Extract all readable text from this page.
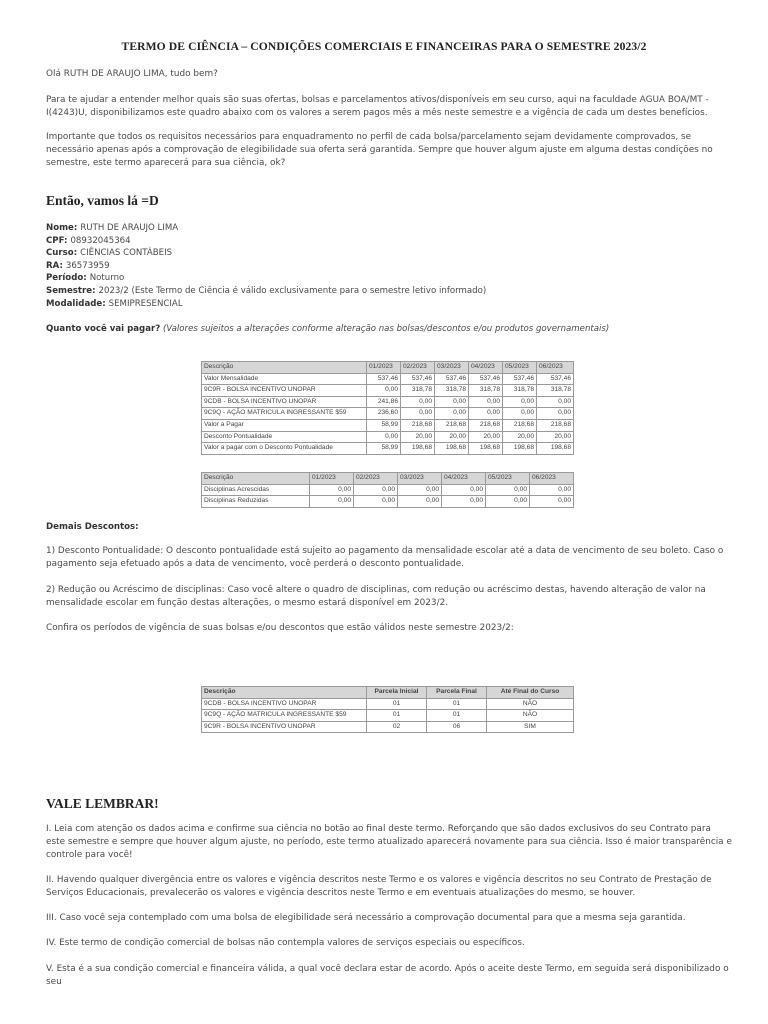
TERMO DE CIÊNCIA – CONDIÇÕES COMERCIAIS E FINANCEIRAS PARA O SEMESTRE 2023/2
Olá RUTH DE ARAUJO LIMA, tudo bem?
Para te ajudar a entender melhor quais são suas ofertas, bolsas e parcelamentos ativos/disponíveis em seu curso, aqui na faculdade AGUA BOA/MT - I(4243)U, disponibilizamos este quadro abaixo com os valores a serem pagos mês a mês neste semestre e a vigência de cada um destes benefícios.
Importante que todos os requisitos necessários para enquadramento no perfil de cada bolsa/parcelamento sejam devidamente comprovados, se necessário apenas após a comprovação de elegibilidade sua oferta será garantida. Sempre que houver algum ajuste em alguma destas condições no semestre, este termo aparecerá para sua ciência, ok?
Então, vamos lá =D
Nome: RUTH DE ARAUJO LIMA
CPF: 08932045364
Curso: CIÊNCIAS CONTÁBEIS
RA: 36573959
Período: Noturno
Semestre: 2023/2 (Este Termo de Ciência é válido exclusivamente para o semestre letivo informado)
Modalidade: SEMIPRESENCIAL
Quanto você vai pagar? (Valores sujeitos a alterações conforme alteração nas bolsas/descontos e/ou produtos governamentais)
Descrição	01/2023	02/2023	03/2023	04/2023	05/2023	06/2023
Valor Mensalidade	537,46	537,46	537,46	537,46	537,46	537,46
9C9R - BOLSA INCENTIVO UNOPAR	0,00	318,78	318,78	318,78	318,78	318,78
9CDB - BOLSA INCENTIVO UNOPAR	241,86	0,00	0,00	0,00	0,00	0,00
9C9Q - AÇÃO MATRICULA INGRESSANTE $59	236,60	0,00	0,00	0,00	0,00	0,00
Valor a Pagar	58,99	218,68	218,68	218,68	218,68	218,68
Desconto Pontualidade	0,00	20,00	20,00	20,00	20,00	20,00
Valor a pagar com o Desconto Pontualidade	58,99	198,68	198,68	198,68	198,68	198,68
Descrição	01/2023	02/2023	03/2023	04/2023	05/2023	06/2023
Disciplinas Acrescidas	0,00	0,00	0,00	0,00	0,00	0,00
Disciplinas Reduzidas	0,00	0,00	0,00	0,00	0,00	0,00
Demais Descontos:
1) Desconto Pontualidade: O desconto pontualidade está sujeito ao pagamento da mensalidade escolar até a data de vencimento de seu boleto. Caso o pagamento seja efetuado após a data de vencimento, você perderá o desconto pontualidade.
2) Redução ou Acréscimo de disciplinas: Caso você altere o quadro de disciplinas, com redução ou acréscimo destas, havendo alteração de valor na mensalidade escolar em função destas alterações, o mesmo estará disponível em 2023/2.
Confira os períodos de vigência de suas bolsas e/ou descontos que estão válidos neste semestre 2023/2:
Descrição	Parcela Inicial	Parcela Final	Até Final do Curso
9CDB - BOLSA INCENTIVO UNOPAR	01	01	NÃO
9C9Q - AÇÃO MATRICULA INGRESSANTE $59	01	01	NÃO
9C9R - BOLSA INCENTIVO UNOPAR	02	06	SIM
VALE LEMBRAR!
I. Leia com atenção os dados acima e confirme sua ciência no botão ao final deste termo. Reforçando que são dados exclusivos do seu Contrato para este semestre e sempre que houver algum ajuste, no período, este termo atualizado aparecerá novamente para sua ciência. Isso é maior transparência e controle para você!
II. Havendo qualquer divergência entre os valores e vigência descritos neste Termo e os valores e vigência descritos no seu Contrato de Prestação de Serviços Educacionais, prevalecerão os valores e vigência descritos neste Termo e em eventuais atualizações do mesmo, se houver.
III. Caso você seja contemplado com uma bolsa de elegibilidade será necessário a comprovação documental para que a mesma seja garantida.
IV. Este termo de condição comercial de bolsas não contempla valores de serviços especiais ou específicos.
V. Esta é a sua condição comercial e financeira válida, a qual você declara estar de acordo. Após o aceite deste Termo, em seguida será disponibilizado o seu
